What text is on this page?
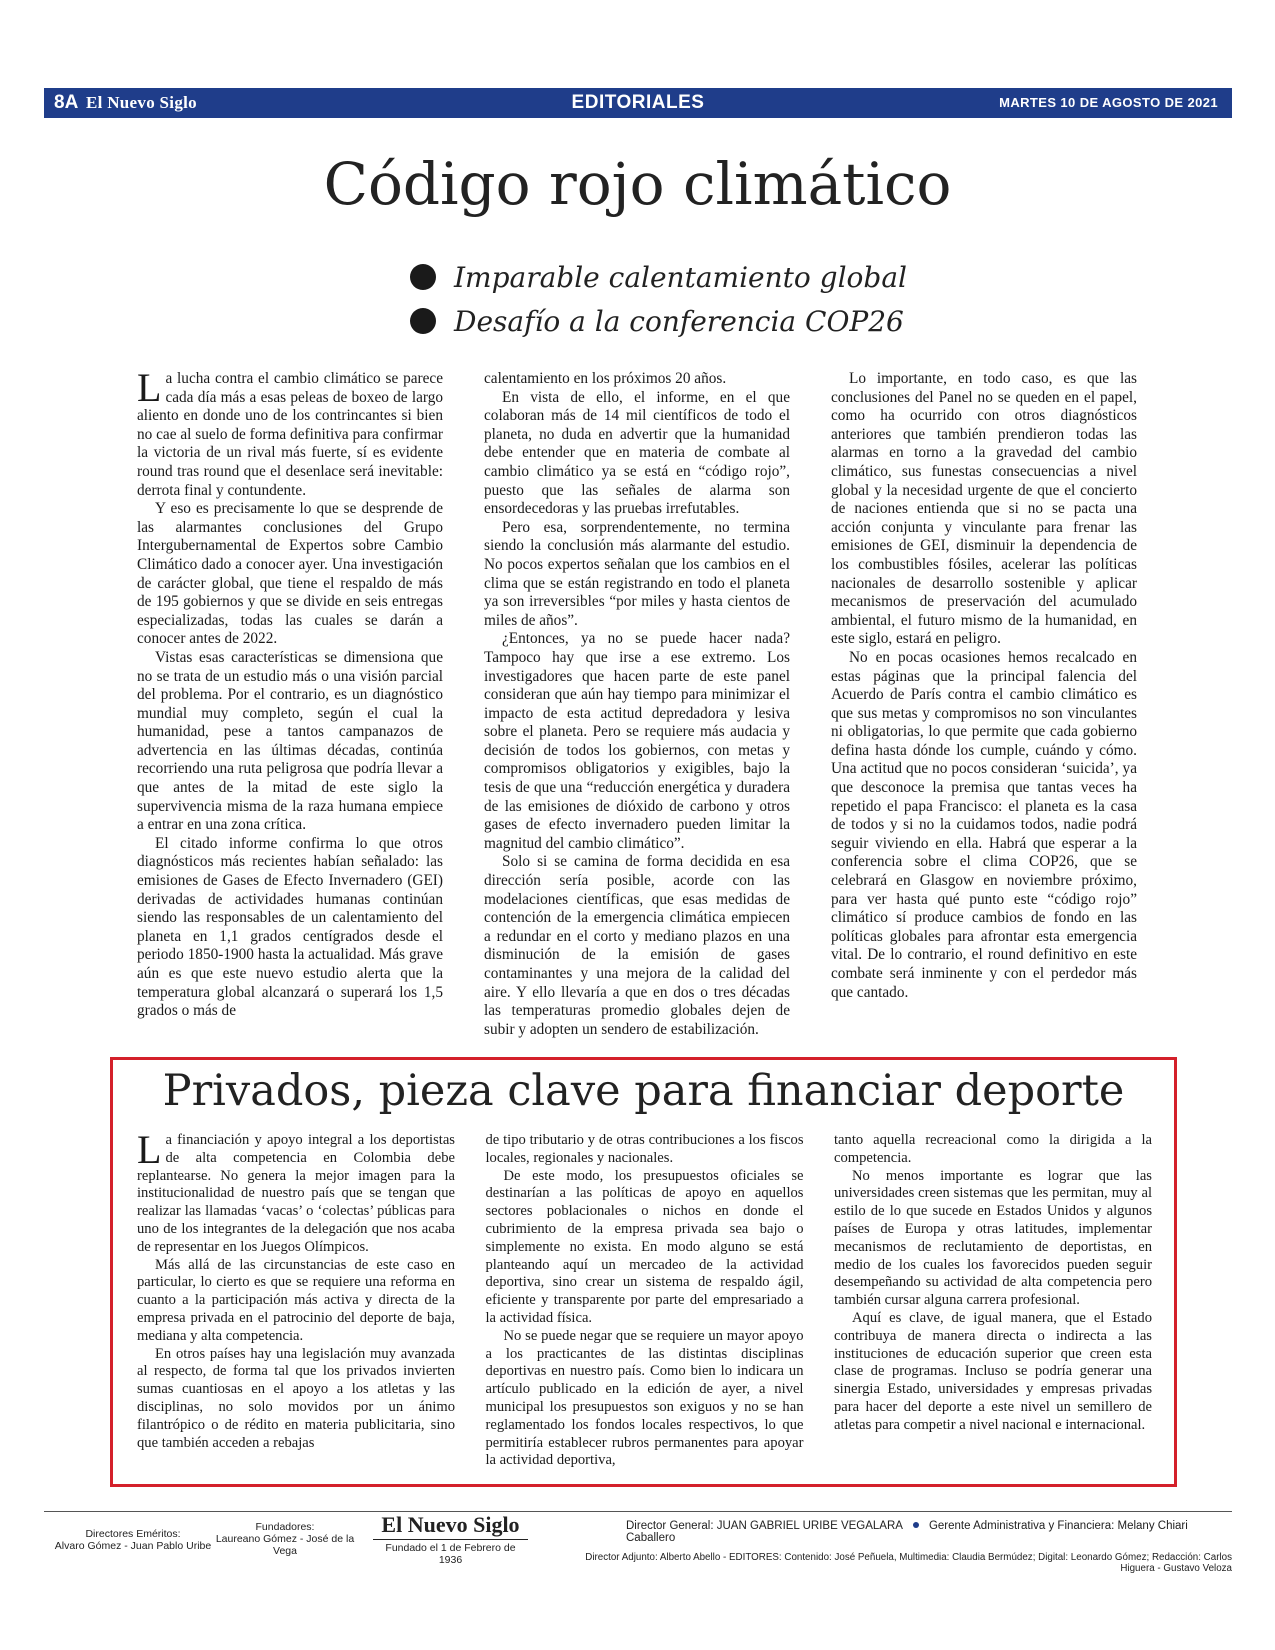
8A El Nuevo Siglo	EDITORIALES	MARTES 10 DE AGOSTO DE 2021
Código rojo climático
Imparable calentamiento global
Desafío a la conferencia COP26

La lucha contra el cambio climático se parece cada día más a esas peleas de boxeo de largo aliento en donde uno de los contrincantes si bien no cae al suelo de forma definitiva para confirmar la victoria de un rival más fuerte, sí es evidente round tras round que el desenlace será inevitable: derrota final y contundente.

Y eso es precisamente lo que se desprende de las alarmantes conclusiones del Grupo Intergubernamental de Expertos sobre Cambio Climático dado a conocer ayer. Una investigación de carácter global, que tiene el respaldo de más de 195 gobiernos y que se divide en seis entregas especializadas, todas las cuales se darán a conocer antes de 2022.

Vistas esas características se dimensiona que no se trata de un estudio más o una visión parcial del problema. Por el contrario, es un diagnóstico mundial muy completo, según el cual la humanidad, pese a tantos campanazos de advertencia en las últimas décadas, continúa recorriendo una ruta peligrosa que podría llevar a que antes de la mitad de este siglo la supervivencia misma de la raza humana empiece a entrar en una zona crítica.

El citado informe confirma lo que otros diagnósticos más recientes habían señalado: las emisiones de Gases de Efecto Invernadero (GEI) derivadas de actividades humanas continúan siendo las responsables de un calentamiento del planeta en 1,1 grados centígrados desde el periodo 1850-1900 hasta la actualidad. Más grave aún es que este nuevo estudio alerta que la temperatura global alcanzará o superará los 1,5 grados o más de

calentamiento en los próximos 20 años.

En vista de ello, el informe, en el que colaboran más de 14 mil científicos de todo el planeta, no duda en advertir que la humanidad debe entender que en materia de combate al cambio climático ya se está en “código rojo”, puesto que las señales de alarma son ensordecedoras y las pruebas irrefutables.

Pero esa, sorprendentemente, no termina siendo la conclusión más alarmante del estudio. No pocos expertos señalan que los cambios en el clima que se están registrando en todo el planeta ya son irreversibles “por miles y hasta cientos de miles de años”.

¿Entonces, ya no se puede hacer nada? Tampoco hay que irse a ese extremo. Los investigadores que hacen parte de este panel consideran que aún hay tiempo para minimizar el impacto de esta actitud depredadora y lesiva sobre el planeta. Pero se requiere más audacia y decisión de todos los gobiernos, con metas y compromisos obligatorios y exigibles, bajo la tesis de que una “reducción energética y duradera de las emisiones de dióxido de carbono y otros gases de efecto invernadero pueden limitar la magnitud del cambio climático”.

Solo si se camina de forma decidida en esa dirección sería posible, acorde con las modelaciones científicas, que esas medidas de contención de la emergencia climática empiecen a redundar en el corto y mediano plazos en una disminución de la emisión de gases contaminantes y una mejora de la calidad del aire. Y ello llevaría a que en dos o tres décadas las temperaturas promedio globales dejen de subir y adopten un sendero de estabilización.

Lo importante, en todo caso, es que las conclusiones del Panel no se queden en el papel, como ha ocurrido con otros diagnósticos anteriores que también prendieron todas las alarmas en torno a la gravedad del cambio climático, sus funestas consecuencias a nivel global y la necesidad urgente de que el concierto de naciones entienda que si no se pacta una acción conjunta y vinculante para frenar las emisiones de GEI, disminuir la dependencia de los combustibles fósiles, acelerar las políticas nacionales de desarrollo sostenible y aplicar mecanismos de preservación del acumulado ambiental, el futuro mismo de la humanidad, en este siglo, estará en peligro.

No en pocas ocasiones hemos recalcado en estas páginas que la principal falencia del Acuerdo de París contra el cambio climático es que sus metas y compromisos no son vinculantes ni obligatorias, lo que permite que cada gobierno defina hasta dónde los cumple, cuándo y cómo. Una actitud que no pocos consideran ‘suicida’, ya que desconoce la premisa que tantas veces ha repetido el papa Francisco: el planeta es la casa de todos y si no la cuidamos todos, nadie podrá seguir viviendo en ella. Habrá que esperar a la conferencia sobre el clima COP26, que se celebrará en Glasgow en noviembre próximo, para ver hasta qué punto este “código rojo” climático sí produce cambios de fondo en las políticas globales para afrontar esta emergencia vital. De lo contrario, el round definitivo en este combate será inminente y con el perdedor más que cantado.

Privados, pieza clave para financiar deporte

La financiación y apoyo integral a los deportistas de alta competencia en Colombia debe replantearse. No genera la mejor imagen para la institucionalidad de nuestro país que se tengan que realizar las llamadas ‘vacas’ o ‘colectas’ públicas para uno de los integrantes de la delegación que nos acaba de representar en los Juegos Olímpicos.

Más allá de las circunstancias de este caso en particular, lo cierto es que se requiere una reforma en cuanto a la participación más activa y directa de la empresa privada en el patrocinio del deporte de baja, mediana y alta competencia.

En otros países hay una legislación muy avanzada al respecto, de forma tal que los privados invierten sumas cuantiosas en el apoyo a los atletas y las disciplinas, no solo movidos por un ánimo filantrópico o de rédito en materia publicitaria, sino que también acceden a rebajas

de tipo tributario y de otras contribuciones a los fiscos locales, regionales y nacionales.

De este modo, los presupuestos oficiales se destinarían a las políticas de apoyo en aquellos sectores poblacionales o nichos en donde el cubrimiento de la empresa privada sea bajo o simplemente no exista. En modo alguno se está planteando aquí un mercadeo de la actividad deportiva, sino crear un sistema de respaldo ágil, eficiente y transparente por parte del empresariado a la actividad física.

No se puede negar que se requiere un mayor apoyo a los practicantes de las distintas disciplinas deportivas en nuestro país. Como bien lo indicara un artículo publicado en la edición de ayer, a nivel municipal los presupuestos son exiguos y no se han reglamentado los fondos locales respectivos, lo que permitiría establecer rubros permanentes para apoyar la actividad deportiva,

tanto aquella recreacional como la dirigida a la competencia.

No menos importante es lograr que las universidades creen sistemas que les permitan, muy al estilo de lo que sucede en Estados Unidos y algunos países de Europa y otras latitudes, implementar mecanismos de reclutamiento de deportistas, en medio de los cuales los favorecidos pueden seguir desempeñando su actividad de alta competencia pero también cursar alguna carrera profesional.

Aquí es clave, de igual manera, que el Estado contribuya de manera directa o indirecta a las instituciones de educación superior que creen esta clase de programas. Incluso se podría generar una sinergia Estado, universidades y empresas privadas para hacer del deporte a este nivel un semillero de atletas para competir a nivel nacional e internacional.

Directores Eméritos:
Alvaro Gómez - Juan Pablo Uribe
Fundadores:
Laureano Gómez - José de la Vega
El Nuevo Siglo
Fundado el 1 de Febrero de 1936
Director General: JUAN GABRIEL URIBE VEGALARA Gerente Administrativa y Financiera: Melany Chiari Caballero
Director Adjunto: Alberto Abello - EDITORES: Contenido: José Peñuela, Multimedia: Claudia Bermúdez; Digital: Leonardo Gómez; Redacción: Carlos Higuera - Gustavo Veloza
